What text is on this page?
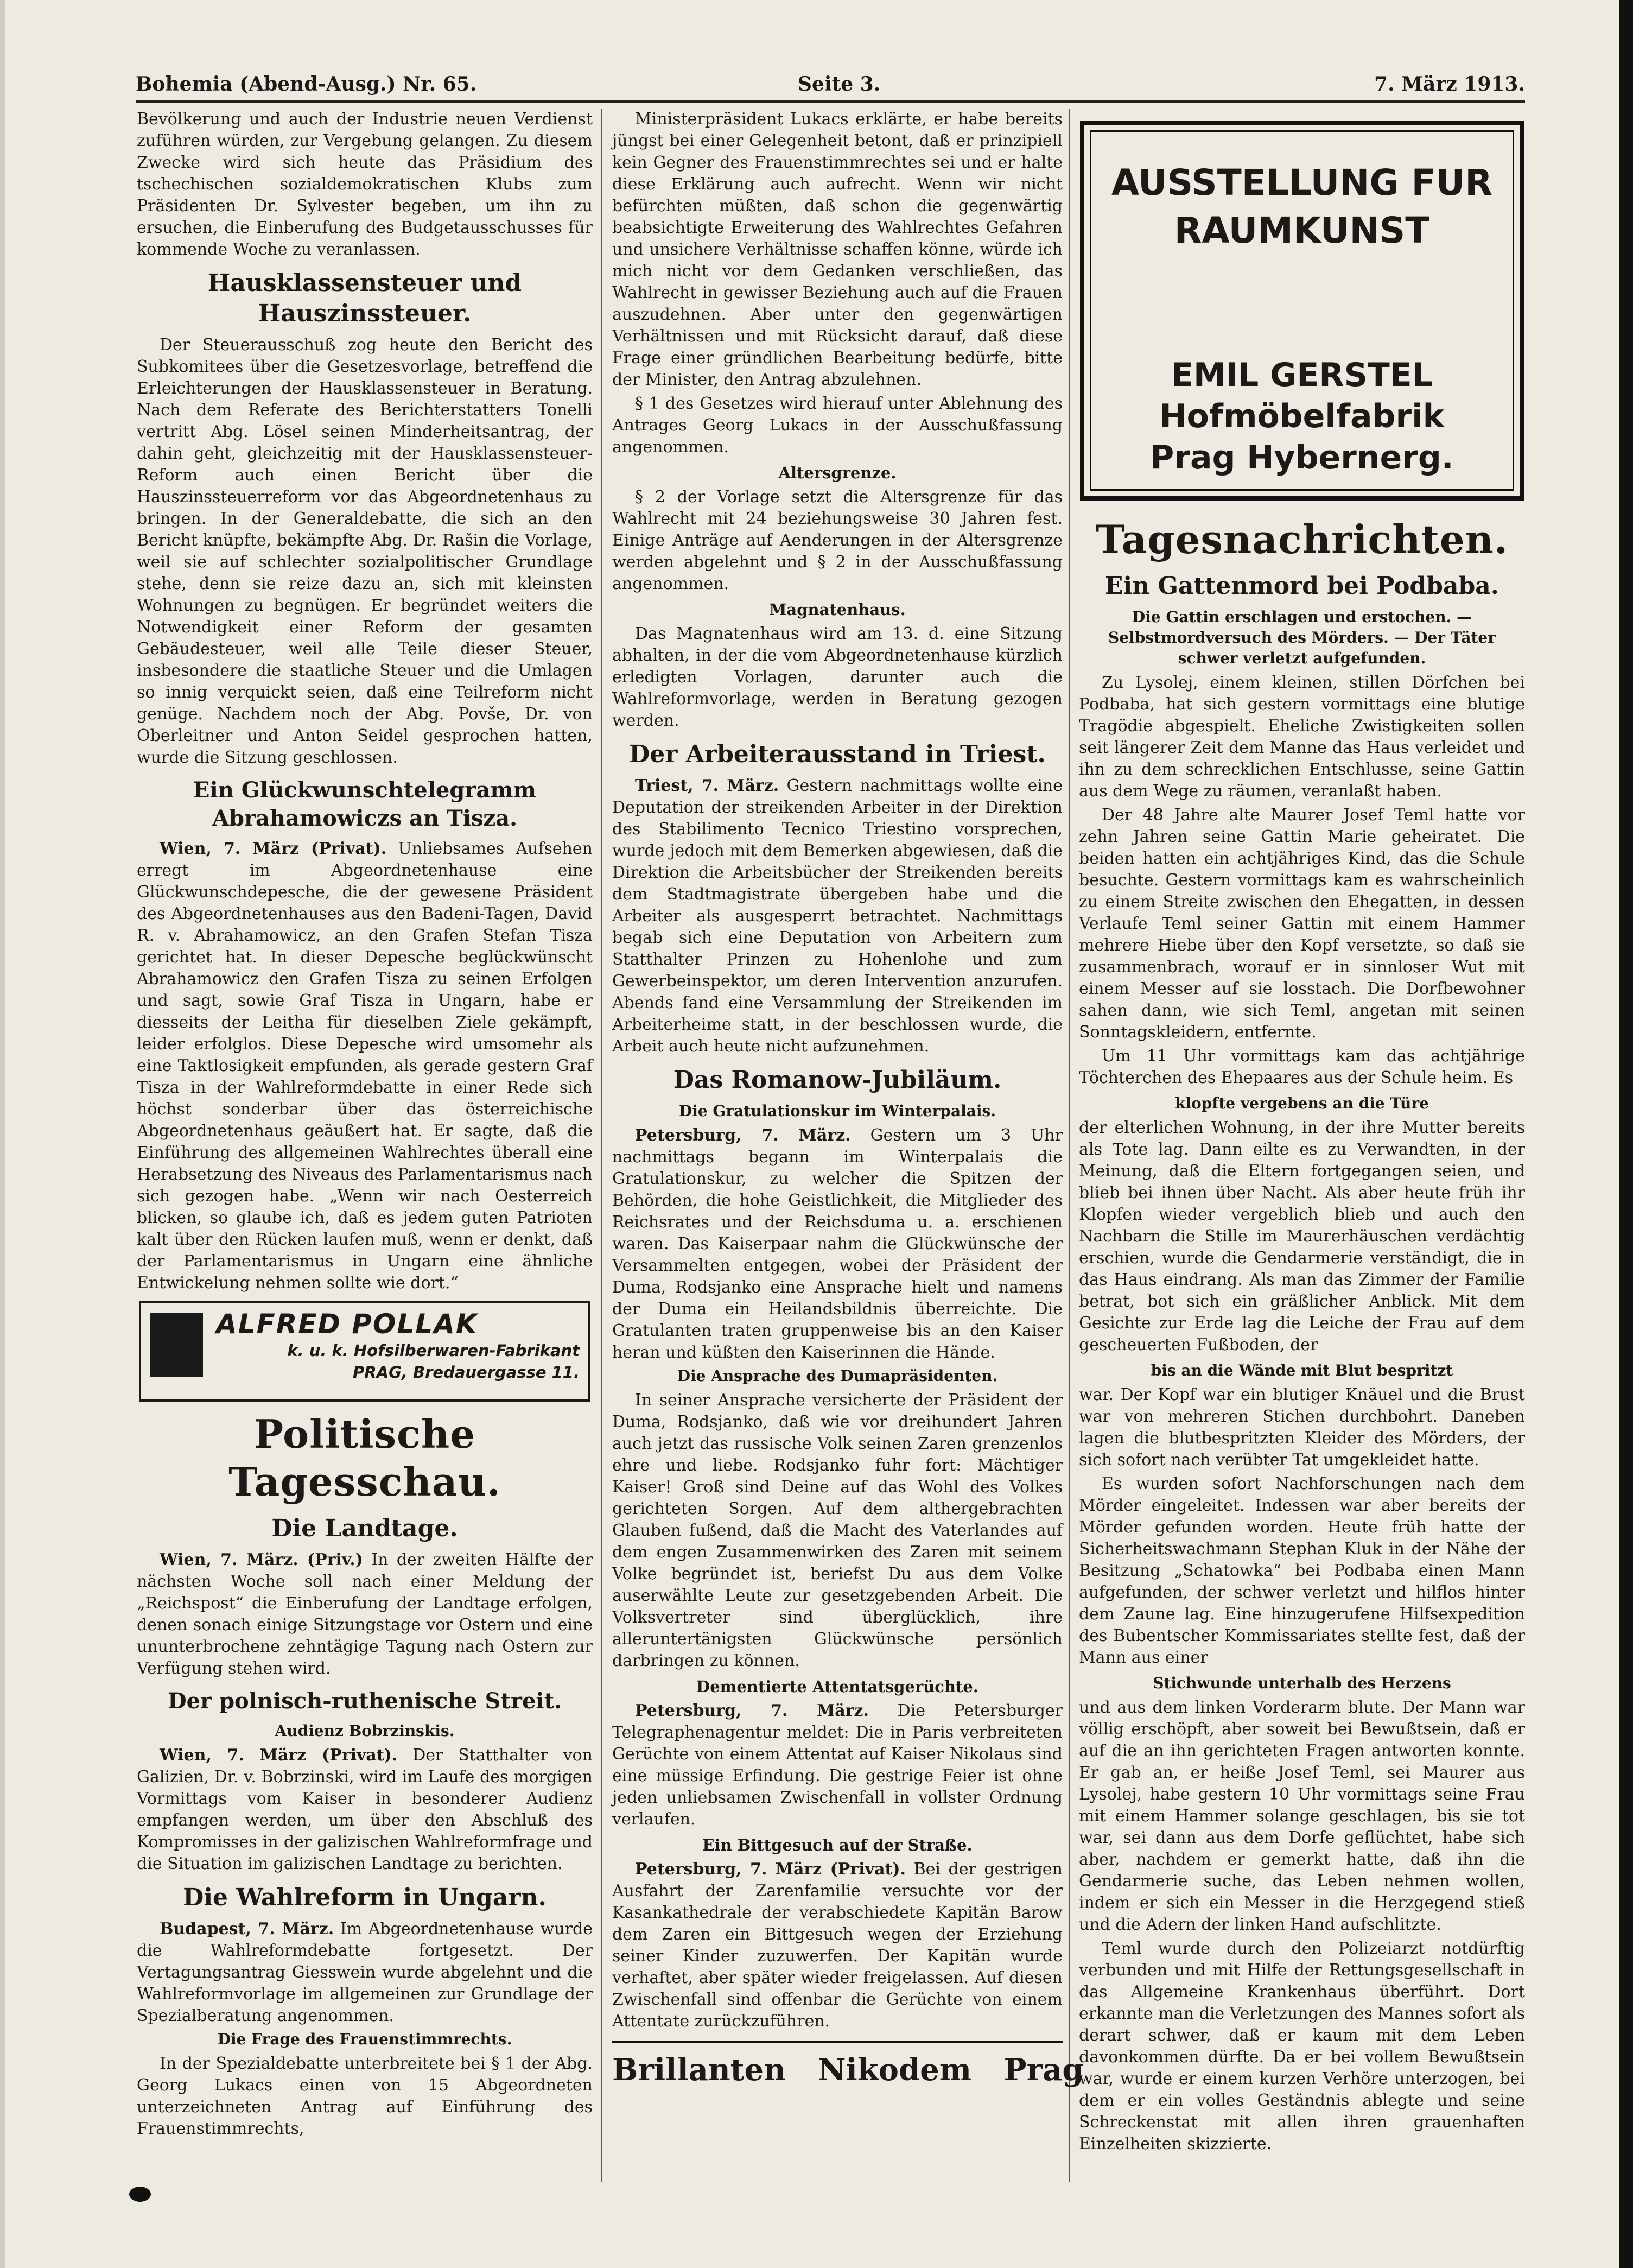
Bohemia (Abend-Ausg.) Nr. 65.	Seite 3.	7. März 1913.

Bevölkerung und auch der Industrie neuen Verdienst zuführen würden, zur Vergebung gelangen. Zu diesem Zwecke wird sich heute das Präsidium des tschechischen sozialdemokratischen Klubs zum Präsidenten Dr. Sylvester begeben, um ihn zu ersuchen, die Einberufung des Budgetausschusses für kommende Woche zu veranlassen.

Hausklassensteuer und Hauszinssteuer.

Der Steuerausschuß zog heute den Bericht des Subkomitees über die Gesetzesvorlage, betreffend die Erleichterungen der Hausklassensteuer in Beratung. Nach dem Referate des Berichterstatters Tonelli vertritt Abg. Lösel seinen Minderheitsantrag, der dahin geht, gleichzeitig mit der Hausklassensteuer-Reform auch einen Bericht über die Hauszinssteuerreform vor das Abgeordnetenhaus zu bringen. In der Generaldebatte, die sich an den Bericht knüpfte, bekämpfte Abg. Dr. Rašin die Vorlage, weil sie auf schlechter sozialpolitischer Grundlage stehe, denn sie reize dazu an, sich mit kleinsten Wohnungen zu begnügen. Er begründet weiters die Notwendigkeit einer Reform der gesamten Gebäudesteuer, weil alle Teile dieser Steuer, insbesondere die staatliche Steuer und die Umlagen so innig verquickt seien, daß eine Teilreform nicht genüge. Nachdem noch der Abg. Povše, Dr. von Oberleitner und Anton Seidel gesprochen hatten, wurde die Sitzung geschlossen.

Ein Glückwunschtelegramm Abrahamowiczs an Tisza.

Wien, 7. März (Privat). Unliebsames Aufsehen erregt im Abgeordnetenhause eine Glückwunschdepesche, die der gewesene Präsident des Abgeordnetenhauses aus den Badeni-Tagen, David R. v. Abrahamowicz, an den Grafen Stefan Tisza gerichtet hat. In dieser Depesche beglückwünscht Abrahamowicz den Grafen Tisza zu seinen Erfolgen und sagt, sowie Graf Tisza in Ungarn, habe er diesseits der Leitha für dieselben Ziele gekämpft, leider erfolglos. Diese Depesche wird umsomehr als eine Taktlosigkeit empfunden, als gerade gestern Graf Tisza in der Wahlreformdebatte in einer Rede sich höchst sonderbar über das österreichische Abgeordnetenhaus geäußert hat. Er sagte, daß die Einführung des allgemeinen Wahlrechtes überall eine Herabsetzung des Niveaus des Parlamentarismus nach sich gezogen habe. „Wenn wir nach Oesterreich blicken, so glaube ich, daß es jedem guten Patrioten kalt über den Rücken laufen muß, wenn er denkt, daß der Parlamentarismus in Ungarn eine ähnliche Entwickelung nehmen sollte wie dort.“

ALFRED POLLAK
k. u. k. Hofsilberwaren-Fabrikant
PRAG, Bredauergasse 11.
Politische Tagesschau.
Die Landtage.

Wien, 7. März. (Priv.) In der zweiten Hälfte der nächsten Woche soll nach einer Meldung der „Reichspost“ die Einberufung der Landtage erfolgen, denen sonach einige Sitzungstage vor Ostern und eine ununterbrochene zehntägige Tagung nach Ostern zur Verfügung stehen wird.

Der polnisch-ruthenische Streit.
Audienz Bobrzinskis.

Wien, 7. März (Privat). Der Statthalter von Galizien, Dr. v. Bobrzinski, wird im Laufe des morgigen Vormittags vom Kaiser in besonderer Audienz empfangen werden, um über den Abschluß des Kompromisses in der galizischen Wahlreformfrage und die Situation im galizischen Landtage zu berichten.

Die Wahlreform in Ungarn.

Budapest, 7. März. Im Abgeordnetenhause wurde die Wahlreformdebatte fortgesetzt. Der Vertagungsantrag Giesswein wurde abgelehnt und die Wahlreformvorlage im allgemeinen zur Grundlage der Spezialberatung angenommen.

Die Frage des Frauenstimmrechts.

In der Spezialdebatte unterbreitete bei § 1 der Abg. Georg Lukacs einen von 15 Abgeordneten unterzeichneten Antrag auf Einführung des Frauenstimmrechts,

Ministerpräsident Lukacs erklärte, er habe bereits jüngst bei einer Gelegenheit betont, daß er prinzipiell kein Gegner des Frauenstimmrechtes sei und er halte diese Erklärung auch aufrecht. Wenn wir nicht befürchten müßten, daß schon die gegenwärtig beabsichtigte Erweiterung des Wahlrechtes Gefahren und unsichere Verhältnisse schaffen könne, würde ich mich nicht vor dem Gedanken verschließen, das Wahlrecht in gewisser Beziehung auch auf die Frauen auszudehnen. Aber unter den gegenwärtigen Verhältnissen und mit Rücksicht darauf, daß diese Frage einer gründlichen Bearbeitung bedürfe, bitte der Minister, den Antrag abzulehnen.

§ 1 des Gesetzes wird hierauf unter Ablehnung des Antrages Georg Lukacs in der Ausschußfassung angenommen.

Altersgrenze.

§ 2 der Vorlage setzt die Altersgrenze für das Wahlrecht mit 24 beziehungsweise 30 Jahren fest. Einige Anträge auf Aenderungen in der Altersgrenze werden abgelehnt und § 2 in der Ausschußfassung angenommen.

Magnatenhaus.

Das Magnatenhaus wird am 13. d. eine Sitzung abhalten, in der die vom Abgeordnetenhause kürzlich erledigten Vorlagen, darunter auch die Wahlreformvorlage, werden in Beratung gezogen werden.

Der Arbeiterausstand in Triest.

Triest, 7. März. Gestern nachmittags wollte eine Deputation der streikenden Arbeiter in der Direktion des Stabilimento Tecnico Triestino vorsprechen, wurde jedoch mit dem Bemerken abgewiesen, daß die Direktion die Arbeitsbücher der Streikenden bereits dem Stadtmagistrate übergeben habe und die Arbeiter als ausgesperrt betrachtet. Nachmittags begab sich eine Deputation von Arbeitern zum Statthalter Prinzen zu Hohenlohe und zum Gewerbeinspektor, um deren Intervention anzurufen. Abends fand eine Versammlung der Streikenden im Arbeiterheime statt, in der beschlossen wurde, die Arbeit auch heute nicht aufzunehmen.

Das Romanow-Jubiläum.
Die Gratulationskur im Winterpalais.

Petersburg, 7. März. Gestern um 3 Uhr nachmittags begann im Winterpalais die Gratulationskur, zu welcher die Spitzen der Behörden, die hohe Geistlichkeit, die Mitglieder des Reichsrates und der Reichsduma u. a. erschienen waren. Das Kaiserpaar nahm die Glückwünsche der Versammelten entgegen, wobei der Präsident der Duma, Rodsjanko eine Ansprache hielt und namens der Duma ein Heilandsbildnis überreichte. Die Gratulanten traten gruppenweise bis an den Kaiser heran und küßten den Kaiserinnen die Hände.

Die Ansprache des Dumapräsidenten.

In seiner Ansprache versicherte der Präsident der Duma, Rodsjanko, daß wie vor dreihundert Jahren auch jetzt das russische Volk seinen Zaren grenzenlos ehre und liebe. Rodsjanko fuhr fort: Mächtiger Kaiser! Groß sind Deine auf das Wohl des Volkes gerichteten Sorgen. Auf dem althergebrachten Glauben fußend, daß die Macht des Vaterlandes auf dem engen Zusammenwirken des Zaren mit seinem Volke begründet ist, beriefst Du aus dem Volke auserwählte Leute zur gesetzgebenden Arbeit. Die Volksvertreter sind überglücklich, ihre alleruntertänigsten Glückwünsche persönlich darbringen zu können.

Dementierte Attentatsgerüchte.

Petersburg, 7. März. Die Petersburger Telegraphenagentur meldet: Die in Paris verbreiteten Gerüchte von einem Attentat auf Kaiser Nikolaus sind eine müssige Erfindung. Die gestrige Feier ist ohne jeden unliebsamen Zwischenfall in vollster Ordnung verlaufen.

Ein Bittgesuch auf der Straße.

Petersburg, 7. März (Privat). Bei der gestrigen Ausfahrt der Zarenfamilie versuchte vor der Kasankathedrale der verabschiedete Kapitän Barow dem Zaren ein Bittgesuch wegen der Erziehung seiner Kinder zuzuwerfen. Der Kapitän wurde verhaftet, aber später wieder freigelassen. Auf diesen Zwischenfall sind offenbar die Gerüchte von einem Attentate zurückzuführen.

Brillanten Nikodem Prag
AUSSTELLUNG FUR
RAUMKUNST
EMIL GERSTEL
Hofmöbelfabrik
Prag Hybernerg.
Tagesnachrichten.
Ein Gattenmord bei Podbaba.
Die Gattin erschlagen und erstochen. — Selbstmordversuch des Mörders. — Der Täter schwer verletzt aufgefunden.

Zu Lysolej, einem kleinen, stillen Dörfchen bei Podbaba, hat sich gestern vormittags eine blutige Tragödie abgespielt. Eheliche Zwistigkeiten sollen seit längerer Zeit dem Manne das Haus verleidet und ihn zu dem schrecklichen Entschlusse, seine Gattin aus dem Wege zu räumen, veranlaßt haben.

Der 48 Jahre alte Maurer Josef Teml hatte vor zehn Jahren seine Gattin Marie geheiratet. Die beiden hatten ein achtjähriges Kind, das die Schule besuchte. Gestern vormittags kam es wahrscheinlich zu einem Streite zwischen den Ehegatten, in dessen Verlaufe Teml seiner Gattin mit einem Hammer mehrere Hiebe über den Kopf versetzte, so daß sie zusammenbrach, worauf er in sinnloser Wut mit einem Messer auf sie losstach. Die Dorfbewohner sahen dann, wie sich Teml, angetan mit seinen Sonntagskleidern, entfernte.

Um 11 Uhr vormittags kam das achtjährige Töchterchen des Ehepaares aus der Schule heim. Es

klopfte vergebens an die Türe

der elterlichen Wohnung, in der ihre Mutter bereits als Tote lag. Dann eilte es zu Verwandten, in der Meinung, daß die Eltern fortgegangen seien, und blieb bei ihnen über Nacht. Als aber heute früh ihr Klopfen wieder vergeblich blieb und auch den Nachbarn die Stille im Maurerhäuschen verdächtig erschien, wurde die Gendarmerie verständigt, die in das Haus eindrang. Als man das Zimmer der Familie betrat, bot sich ein gräßlicher Anblick. Mit dem Gesichte zur Erde lag die Leiche der Frau auf dem gescheuerten Fußboden, der

bis an die Wände mit Blut bespritzt

war. Der Kopf war ein blutiger Knäuel und die Brust war von mehreren Stichen durchbohrt. Daneben lagen die blutbespritzten Kleider des Mörders, der sich sofort nach verübter Tat umgekleidet hatte.

Es wurden sofort Nachforschungen nach dem Mörder eingeleitet. Indessen war aber bereits der Mörder gefunden worden. Heute früh hatte der Sicherheitswachmann Stephan Kluk in der Nähe der Besitzung „Schatowka“ bei Podbaba einen Mann aufgefunden, der schwer verletzt und hilflos hinter dem Zaune lag. Eine hinzugerufene Hilfsexpedition des Bubentscher Kommissariates stellte fest, daß der Mann aus einer

Stichwunde unterhalb des Herzens

und aus dem linken Vorderarm blute. Der Mann war völlig erschöpft, aber soweit bei Bewußtsein, daß er auf die an ihn gerichteten Fragen antworten konnte. Er gab an, er heiße Josef Teml, sei Maurer aus Lysolej, habe gestern 10 Uhr vormittags seine Frau mit einem Hammer solange geschlagen, bis sie tot war, sei dann aus dem Dorfe geflüchtet, habe sich aber, nachdem er gemerkt hatte, daß ihn die Gendarmerie suche, das Leben nehmen wollen, indem er sich ein Messer in die Herzgegend stieß und die Adern der linken Hand aufschlitzte.

Teml wurde durch den Polizeiarzt notdürftig verbunden und mit Hilfe der Rettungsgesellschaft in das Allgemeine Krankenhaus überführt. Dort erkannte man die Verletzungen des Mannes sofort als derart schwer, daß er kaum mit dem Leben davonkommen dürfte. Da er bei vollem Bewußtsein war, wurde er einem kurzen Verhöre unterzogen, bei dem er ein volles Geständnis ablegte und seine Schreckenstat mit allen ihren grauenhaften Einzelheiten skizzierte.
